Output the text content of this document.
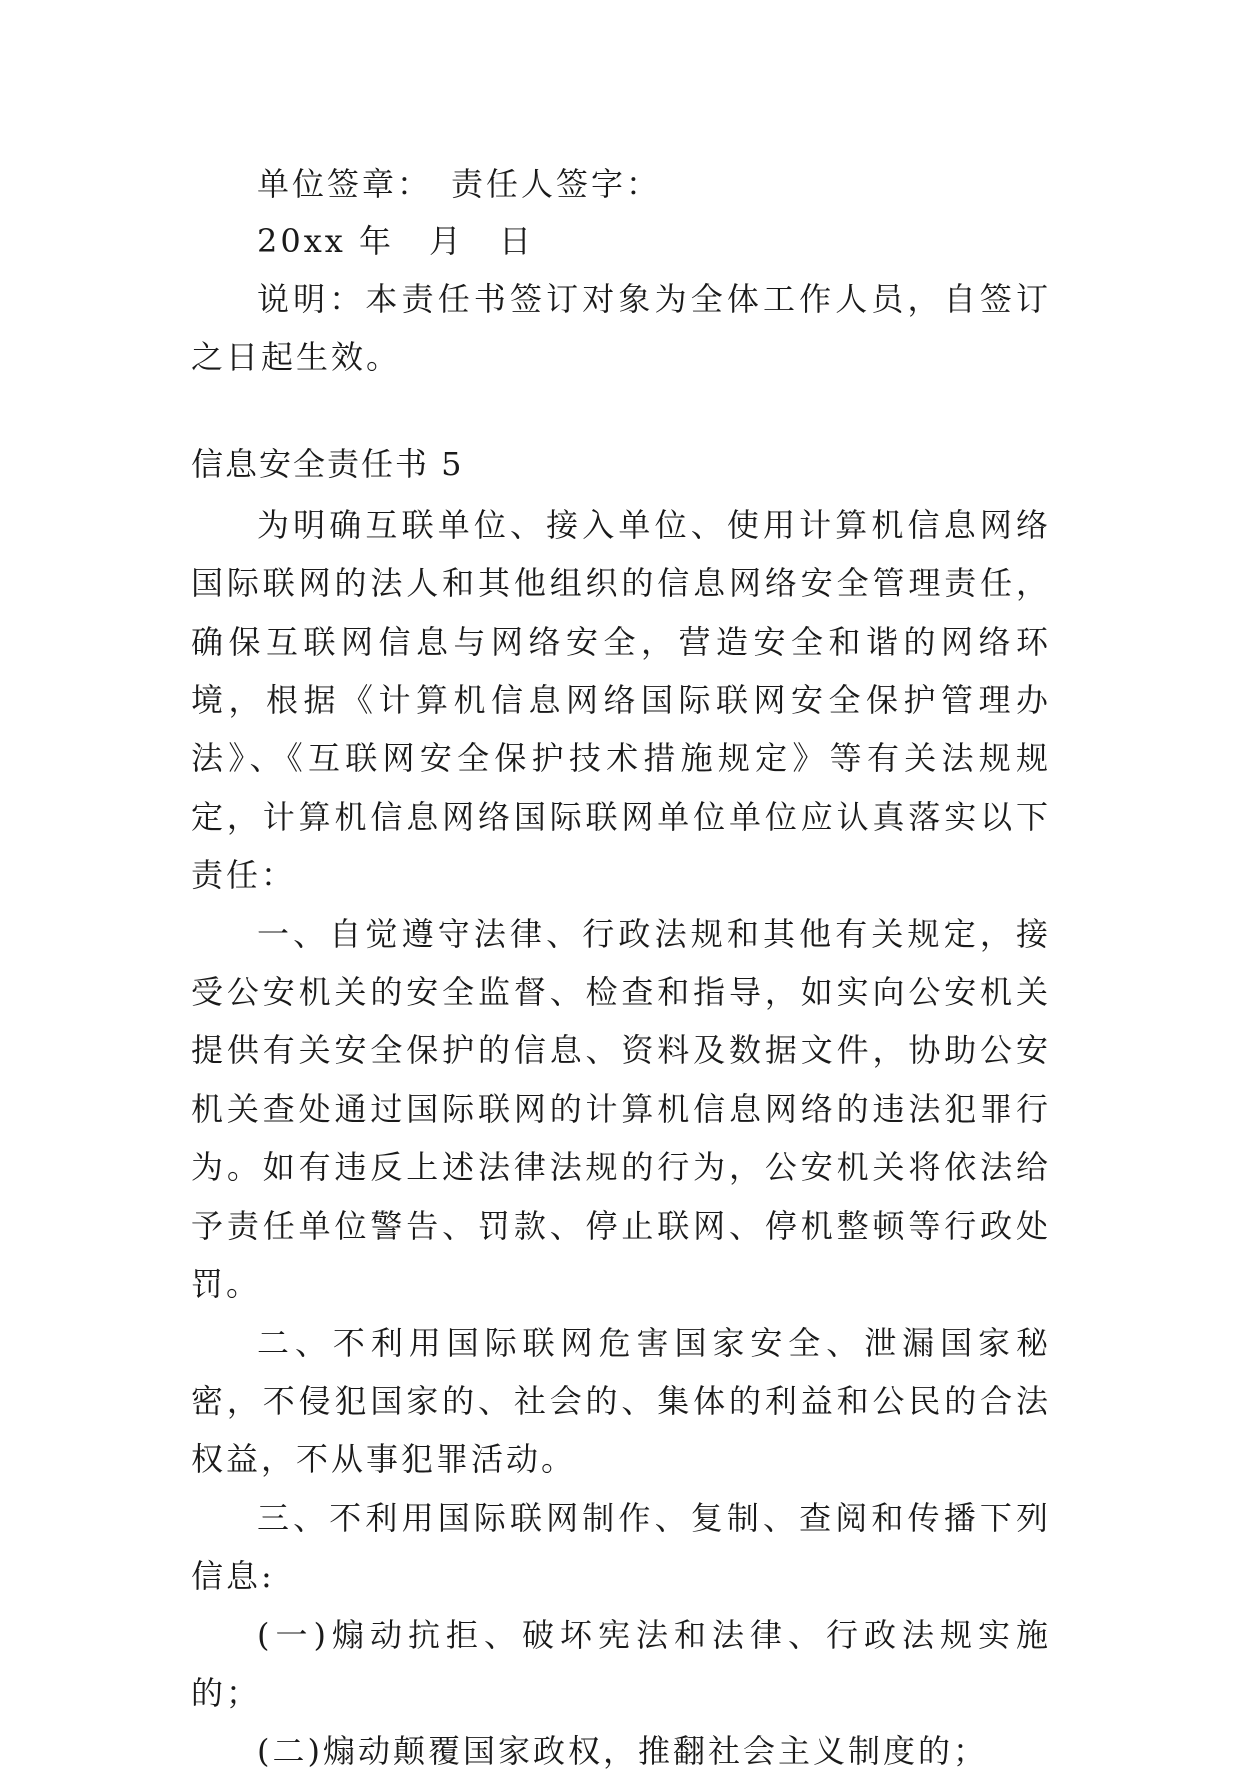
单位签章：　责任人签字：

20xx 年　月　日

说明：本责任书签订对象为全体工作人员，自签订之日起生效。

信息安全责任书 5

为明确互联单位、接入单位、使用计算机信息网络国际联网的法人和其他组织的信息网络安全管理责任，确保互联网信息与网络安全，营造安全和谐的网络环境，根据《计算机信息网络国际联网安全保护管理办法》、《互联网安全保护技术措施规定》等有关法规规定，计算机信息网络国际联网单位单位应认真落实以下责任：

一、自觉遵守法律、行政法规和其他有关规定，接受公安机关的安全监督、检查和指导，如实向公安机关提供有关安全保护的信息、资料及数据文件，协助公安机关查处通过国际联网的计算机信息网络的违法犯罪行为。如有违反上述法律法规的行为，公安机关将依法给予责任单位警告、罚款、停止联网、停机整顿等行政处罚。

二、不利用国际联网危害国家安全、泄漏国家秘密，不侵犯国家的、社会的、集体的利益和公民的合法权益，不从事犯罪活动。

三、不利用国际联网制作、复制、查阅和传播下列信息:

(一)煽动抗拒、破坏宪法和法律、行政法规实施的；

(二)煽动颠覆国家政权，推翻社会主义制度的；
